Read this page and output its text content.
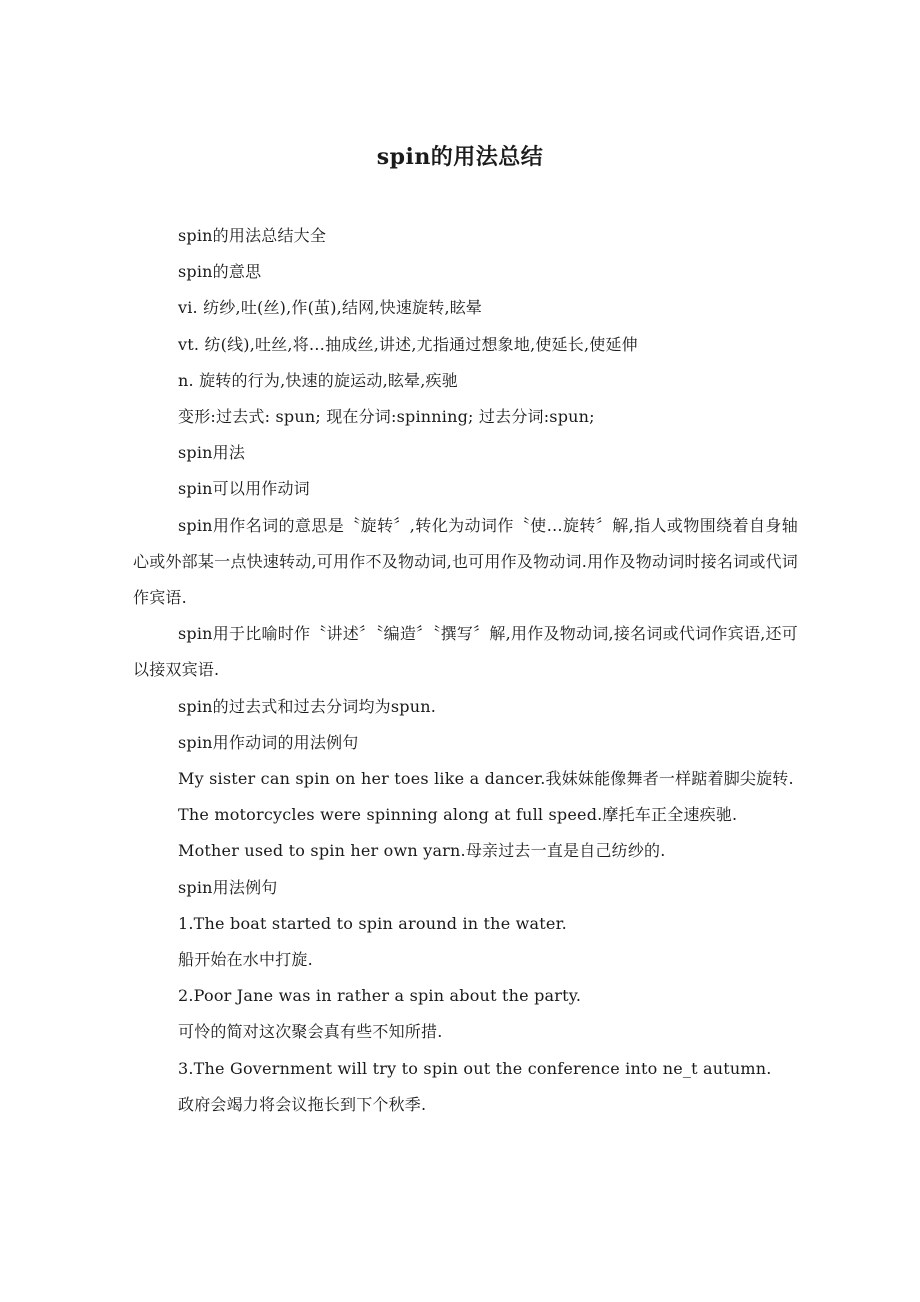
spin的用法总结

spin的用法总结大全

spin的意思

vi. 纺纱,吐(丝),作(茧),结网,快速旋转,眩晕

vt. 纺(线),吐丝,将…抽成丝,讲述,尤指通过想象地,使延长,使延伸

n. 旋转的行为,快速的旋运动,眩晕,疾驰

变形:过去式: spun; 现在分词:spinning; 过去分词:spun;

spin用法

spin可以用作动词

spin用作名词的意思是〝旋转〞,转化为动词作〝使…旋转〞解,指人或物围绕着自身轴心或外部某一点快速转动,可用作不及物动词,也可用作及物动词.用作及物动词时接名词或代词作宾语.

spin用于比喻时作〝讲述〞〝编造〞〝撰写〞解,用作及物动词,接名词或代词作宾语,还可以接双宾语.

spin的过去式和过去分词均为spun.

spin用作动词的用法例句

My sister can spin on her toes like a dancer.我妹妹能像舞者一样踮着脚尖旋转.

The motorcycles were spinning along at full speed.摩托车正全速疾驰.

Mother used to spin her own yarn.母亲过去一直是自己纺纱的.

spin用法例句

1.The boat started to spin around in the water.

船开始在水中打旋.

2.Poor Jane was in rather a spin about the party.

可怜的简对这次聚会真有些不知所措.

3.The Government will try to spin out the conference into ne_t autumn.

政府会竭力将会议拖长到下个秋季.
